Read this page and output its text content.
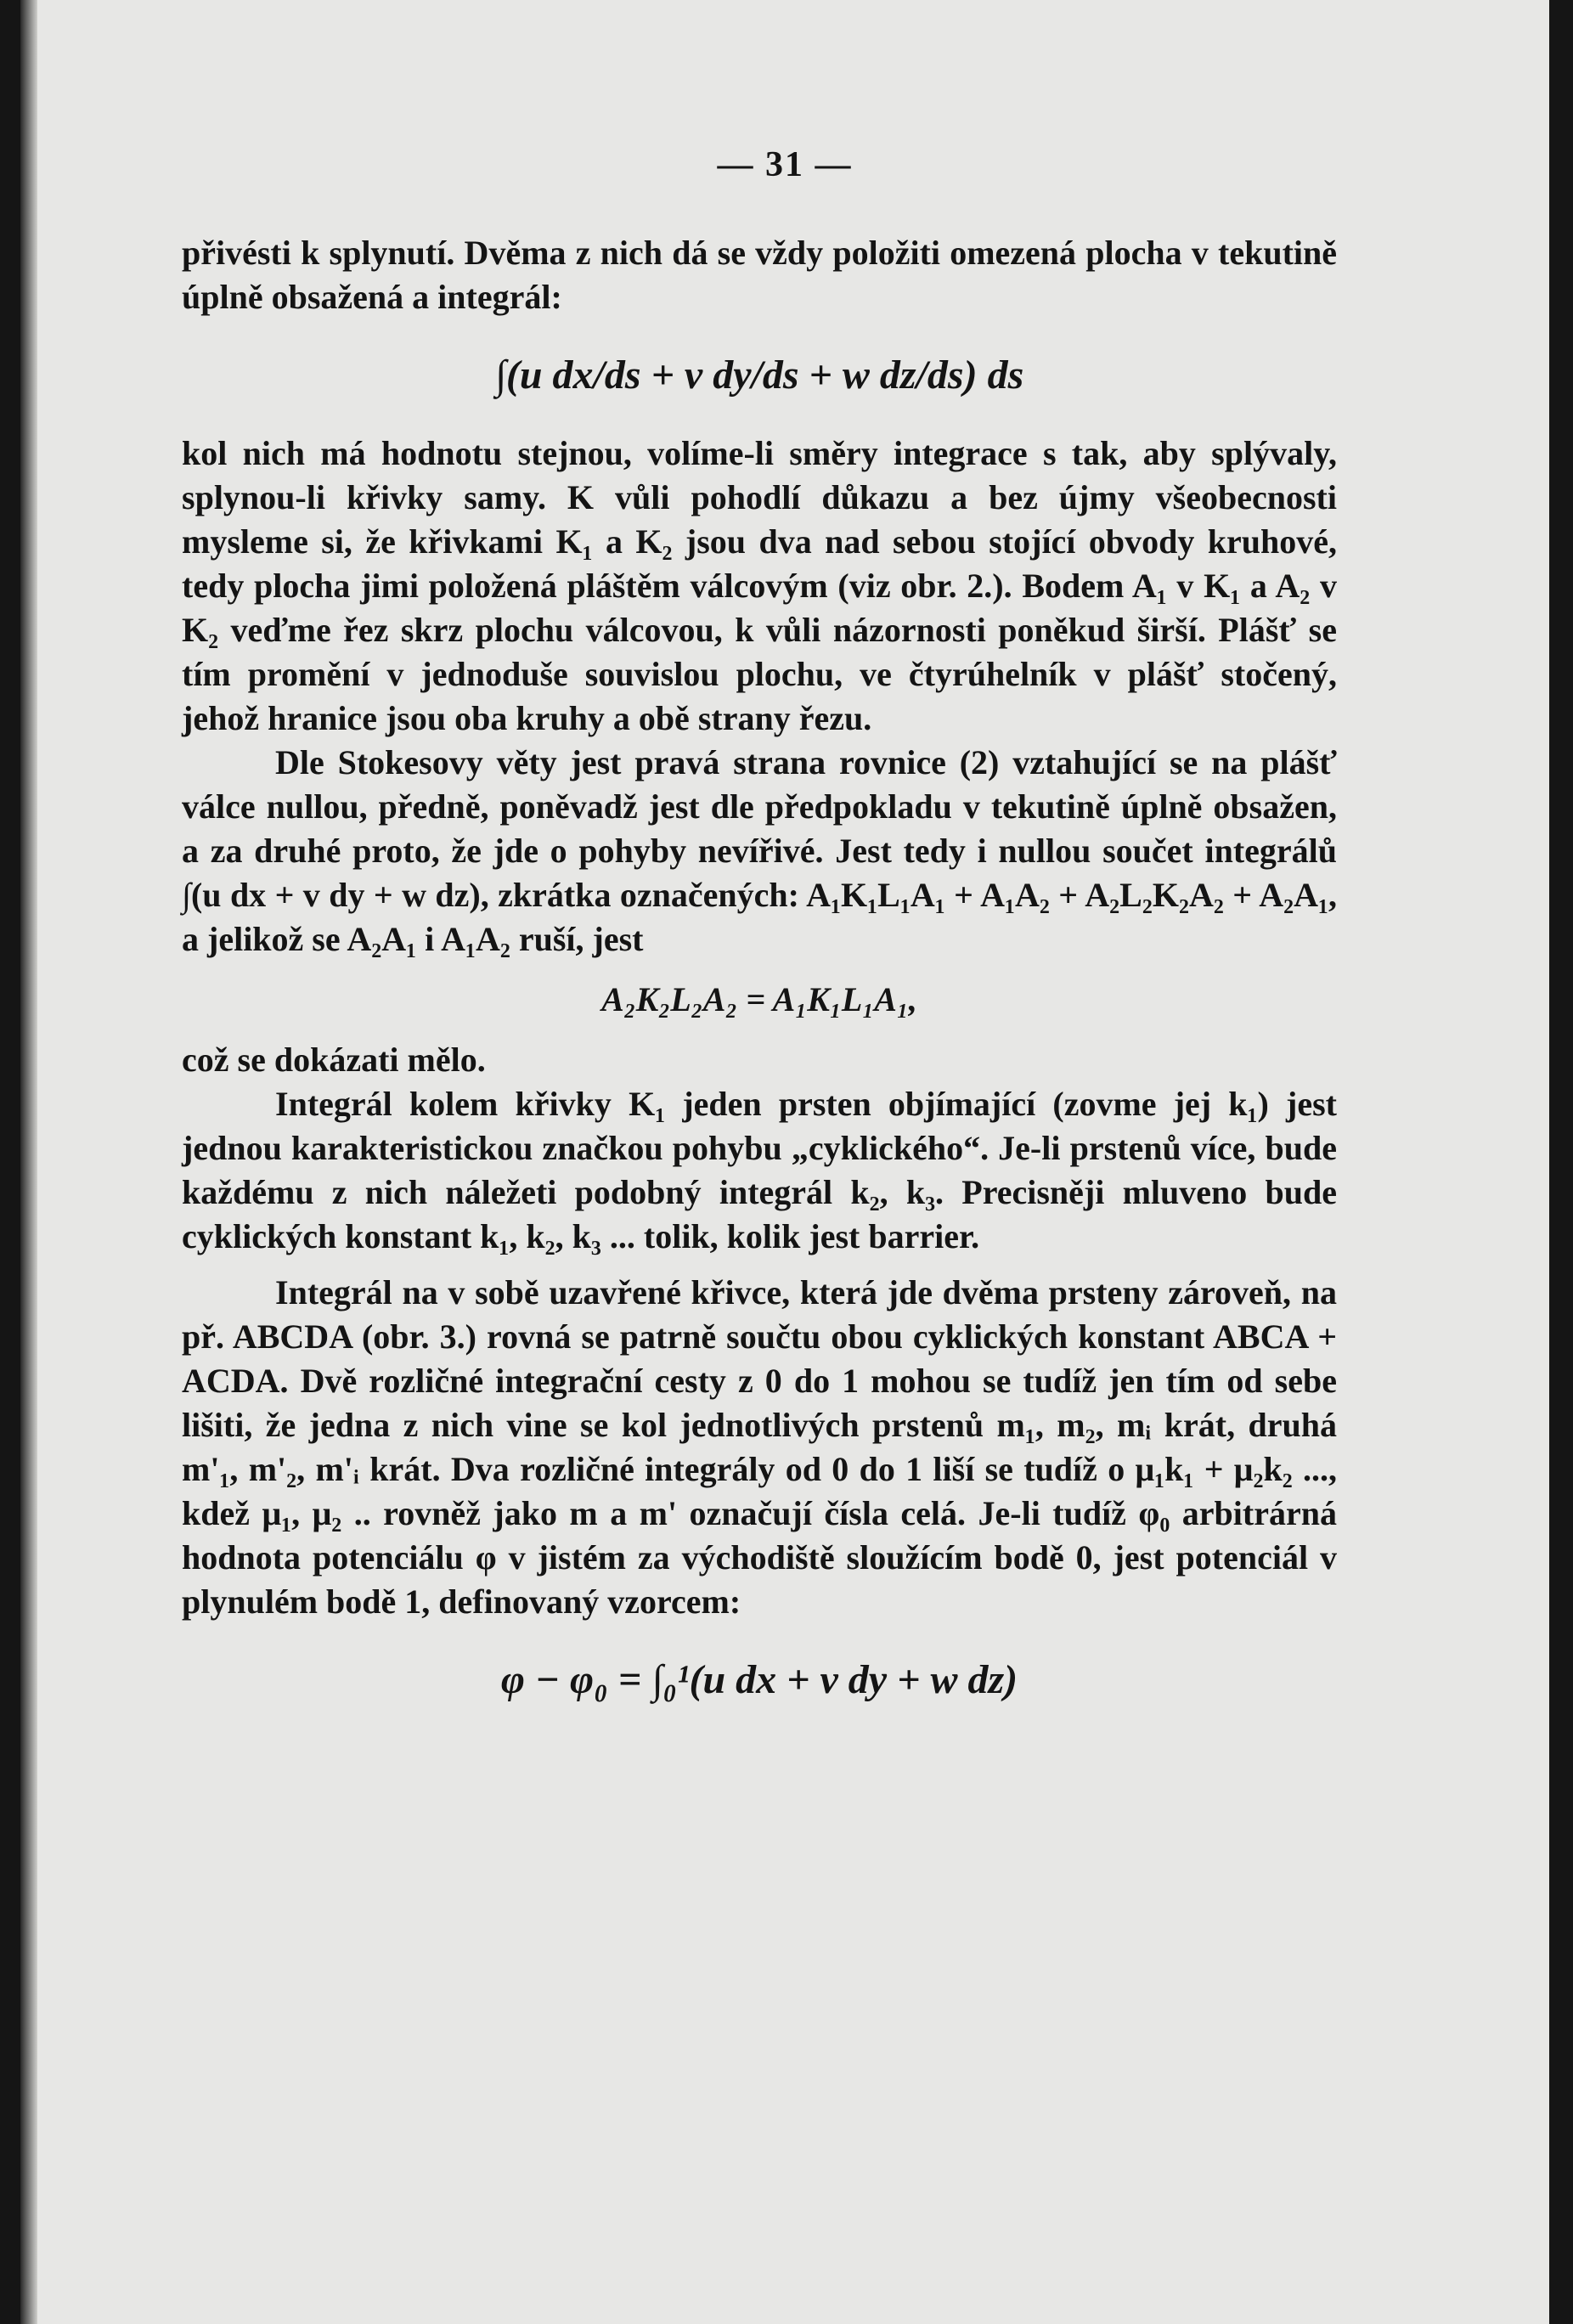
— 31 —

přivésti k splynutí. Dvěma z nich dá se vždy položiti omezená plocha v tekutině úplně obsažená a integrál:

∫(u dx/ds + v dy/ds + w dz/ds) ds

kol nich má hodnotu stejnou, volíme-li směry integrace s tak, aby splývaly, splynou-li křivky samy. K vůli pohodlí důkazu a bez újmy všeobecnosti mysleme si, že křivkami K₁ a K₂ jsou dva nad sebou stojící obvody kruhové, tedy plocha jimi položená pláštěm válcovým (viz obr. 2.). Bodem A₁ v K₁ a A₂ v K₂ veďme řez skrz plochu válcovou, k vůli názornosti poněkud širší. Plášť se tím promění v jednoduše souvislou plochu, ve čtyrúhelník v plášť stočený, jehož hranice jsou oba kruhy a obě strany řezu.

Dle Stokesovy věty jest pravá strana rovnice (2) vztahující se na plášť válce nullou, předně, poněvadž jest dle předpokladu v tekutině úplně obsažen, a za druhé proto, že jde o pohyby nevířivé. Jest tedy i nullou součet integrálů ∫(u dx + v dy + w dz), zkrátka označených: A₁K₁L₁A₁ + A₁A₂ + A₂L₂K₂A₂ + A₂A₁, a jelikož se A₂A₁ i A₁A₂ ruší, jest

A₂K₂L₂A₂ = A₁K₁L₁A₁,

což se dokázati mělo.

Integrál kolem křivky K₁ jeden prsten objímající (zovme jej k₁) jest jednou karakteristickou značkou pohybu „cyklického“. Je-li prstenů více, bude každému z nich náležeti podobný integrál k₂, k₃. Precisněji mluveno bude cyklických konstant k₁, k₂, k₃ ... tolik, kolik jest barrier.

Integrál na v sobě uzavřené křivce, která jde dvěma prsteny zároveň, na př. ABCDA (obr. 3.) rovná se patrně součtu obou cyklických konstant ABCA + ACDA. Dvě rozličné integrační cesty z 0 do 1 mohou se tudíž jen tím od sebe lišiti, že jedna z nich vine se kol jednotlivých prstenů m₁, m₂, mᵢ krát, druhá m'₁, m'₂, m'ᵢ krát. Dva rozličné integrály od 0 do 1 liší se tudíž o μ₁k₁ + μ₂k₂ ..., kdež μ₁, μ₂ .. rovněž jako m a m' označují čísla celá. Je-li tudíž φ₀ arbitrárná hodnota potenciálu φ v jistém za východiště sloužícím bodě 0, jest potenciál v plynulém bodě 1, definovaný vzorcem:

φ − φ₀ = ∫₀¹(u dx + v dy + w dz)
